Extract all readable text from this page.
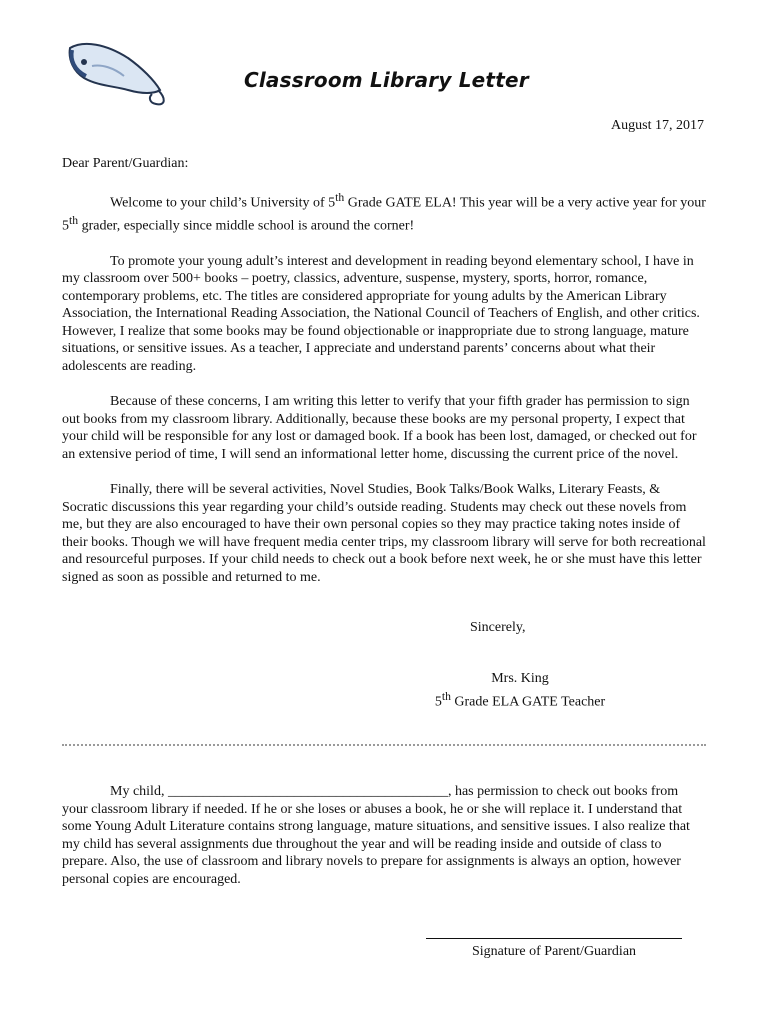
Classroom Library Letter
August 17, 2017

Dear Parent/Guardian:

Welcome to your child’s University of 5th Grade GATE ELA! This year will be a very active year for your 5th grader, especially since middle school is around the corner!

To promote your young adult’s interest and development in reading beyond elementary school, I have in my classroom over 500+ books – poetry, classics, adventure, suspense, mystery, sports, horror, romance, contemporary problems, etc. The titles are considered appropriate for young adults by the American Library Association, the International Reading Association, the National Council of Teachers of English, and other critics. However, I realize that some books may be found objectionable or inappropriate due to strong language, mature situations, or sensitive issues. As a teacher, I appreciate and understand parents’ concerns about what their adolescents are reading.

Because of these concerns, I am writing this letter to verify that your fifth grader has permission to sign out books from my classroom library. Additionally, because these books are my personal property, I expect that your child will be responsible for any lost or damaged book. If a book has been lost, damaged, or checked out for an extensive period of time, I will send an informational letter home, discussing the current price of the novel.

Finally, there will be several activities, Novel Studies, Book Talks/Book Walks, Literary Feasts, & Socratic discussions this year regarding your child’s outside reading. Students may check out these novels from me, but they are also encouraged to have their own personal copies so they may practice taking notes inside of their books. Though we will have frequent media center trips, my classroom library will serve for both recreational and resourceful purposes. If your child needs to check out a book before next week, he or she must have this letter signed as soon as possible and returned to me.

Sincerely,
Mrs. King
5th Grade ELA GATE Teacher

My child, ________________________________________, has permission to check out books from your classroom library if needed. If he or she loses or abuses a book, he or she will replace it. I understand that some Young Adult Literature contains strong language, mature situations, and sensitive issues. I also realize that my child has several assignments due throughout the year and will be reading inside and outside of class to prepare. Also, the use of classroom and library novels to prepare for assignments is always an option, however personal copies are encouraged.

Signature of Parent/Guardian
